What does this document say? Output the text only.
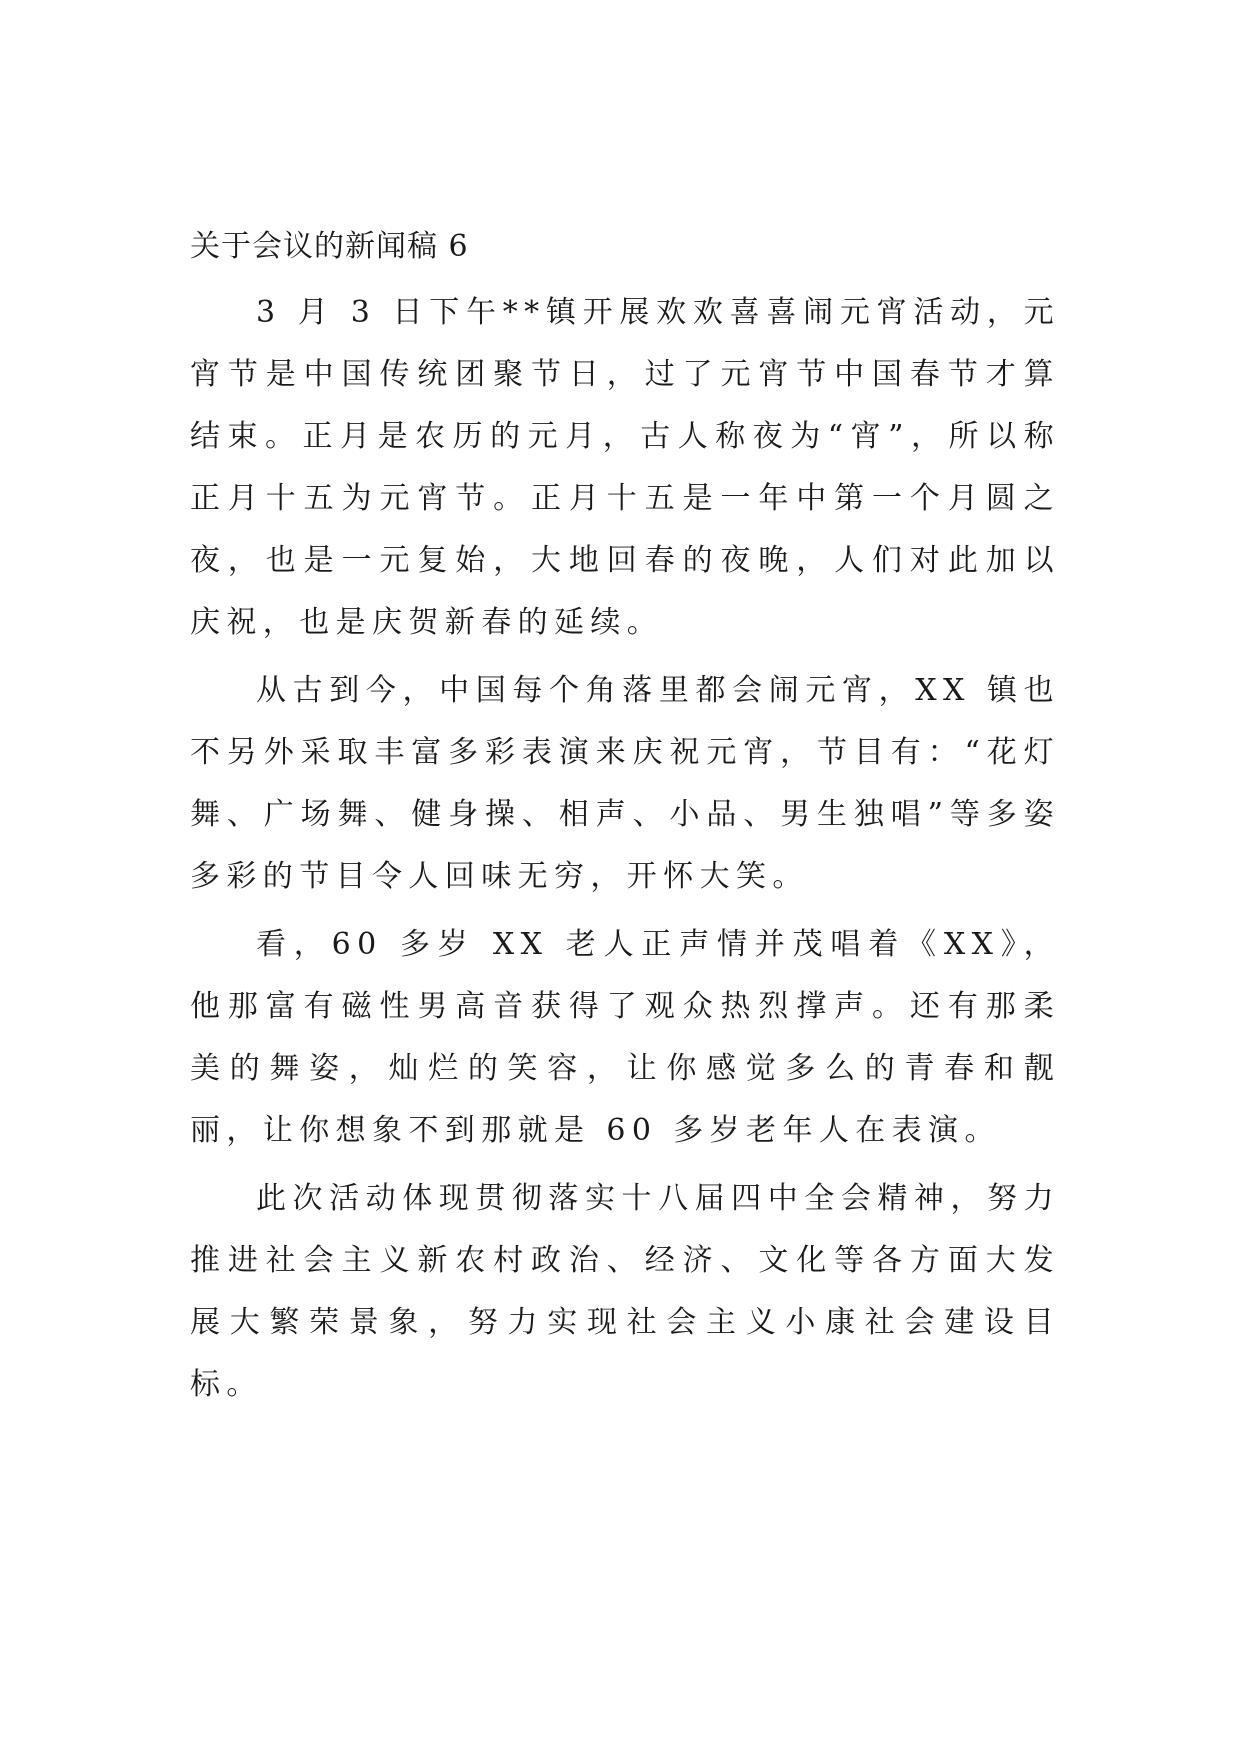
关于会议的新闻稿 6

3 月 3 日下午**镇开展欢欢喜喜闹元宵活动，元宵节是中国传统团聚节日，过了元宵节中国春节才算结束。正月是农历的元月，古人称夜为“宵”，所以称正月十五为元宵节。正月十五是一年中第一个月圆之夜，也是一元复始，大地回春的夜晚，人们对此加以庆祝，也是庆贺新春的延续。

从古到今，中国每个角落里都会闹元宵，XX 镇也不另外采取丰富多彩表演来庆祝元宵，节目有：“花灯舞、广场舞、健身操、相声、小品、男生独唱”等多姿多彩的节目令人回味无穷，开怀大笑。

看，60 多岁 XX 老人正声情并茂唱着《XX》，他那富有磁性男高音获得了观众热烈撑声。还有那柔美的舞姿，灿烂的笑容，让你感觉多么的青春和靓丽，让你想象不到那就是 60 多岁老年人在表演。

此次活动体现贯彻落实十八届四中全会精神，努力推进社会主义新农村政治、经济、文化等各方面大发展大繁荣景象，努力实现社会主义小康社会建设目标。
